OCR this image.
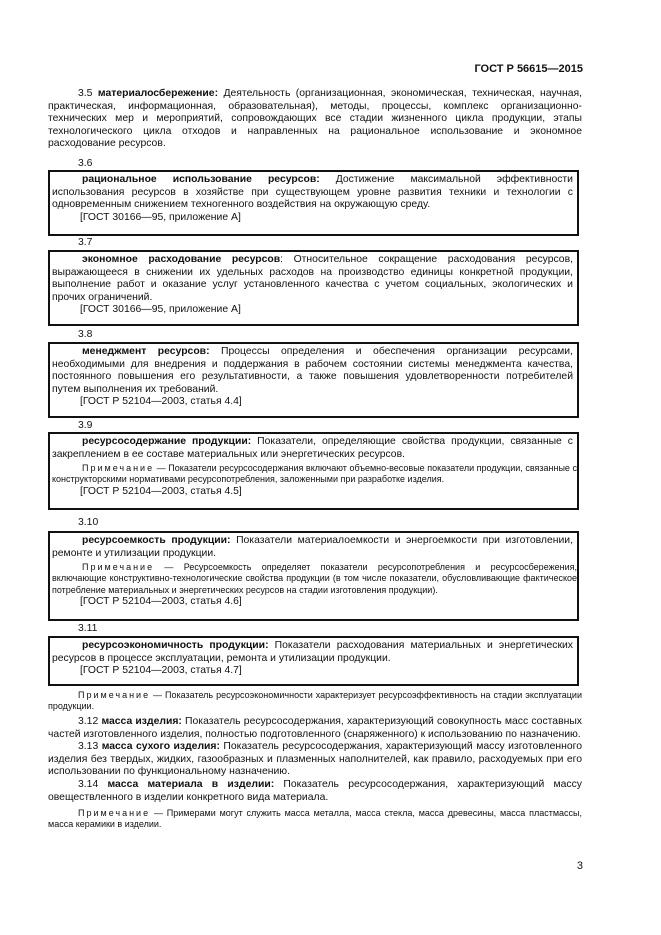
ГОСТ Р 56615—2015

3.5 материалосбережение: Деятельность (организационная, экономическая, техническая, научная, практическая, информационная, образовательная), методы, процессы, комплекс организационно-технических мер и мероприятий, сопровождающих все стадии жизненного цикла продукции, этапы технологического цикла отходов и направленных на рациональное использование и экономное расходование ресурсов.

3.6

рациональное использование ресурсов: Достижение максимальной эффективности использования ресурсов в хозяйстве при существующем уровне развития техники и технологии с одновременным снижением техногенного воздействия на окружающую среду.

[ГОСТ 30166—95, приложение А]
3.7

экономное расходование ресурсов: Относительное сокращение расходования ресурсов, выражающееся в снижении их удельных расходов на производство единицы конкретной продукции, выполнение работ и оказание услуг установленного качества с учетом социальных, экологических и прочих ограничений.

[ГОСТ 30166—95, приложение А]
3.8

менеджмент ресурсов: Процессы определения и обеспечения организации ресурсами, необходимыми для внедрения и поддержания в рабочем состоянии системы менеджмента качества, постоянного повышения его результативности, а также повышения удовлетворенности потребителей путем выполнения их требований.

[ГОСТ Р 52104—2003, статья 4.4]
3.9

ресурсосодержание продукции: Показатели, определяющие свойства продукции, связанные с закреплением в ее составе материальных или энергетических ресурсов.

Примечание — Показатели ресурсосодержания включают объемно-весовые показатели продукции, связанные с конструкторскими нормативами ресурсопотребления, заложенными при разработке изделия.

[ГОСТ Р 52104—2003, статья 4.5]
3.10

ресурсоемкость продукции: Показатели материалоемкости и энергоемкости при изготовлении, ремонте и утилизации продукции.

Примечание — Ресурсоемкость определяет показатели ресурсопотребления и ресурсосбережения, включающие конструктивно-технологические свойства продукции (в том числе показатели, обусловливающие фактическое потребление материальных и энергетических ресурсов на стадии изготовления продукции).

[ГОСТ Р 52104—2003, статья 4.6]
3.11

ресурсоэкономичность продукции: Показатели расходования материальных и энергетических ресурсов в процессе эксплуатации, ремонта и утилизации продукции.

[ГОСТ Р 52104—2003, статья 4.7]

Примечание — Показатель ресурсоэкономичности характеризует ресурсоэффективность на стадии эксплуатации продукции.

3.12 масса изделия: Показатель ресурсосодержания, характеризующий совокупность масс составных частей изготовленного изделия, полностью подготовленного (снаряженного) к использованию по назначению.

3.13 масса сухого изделия: Показатель ресурсосодержания, характеризующий массу изготовленного изделия без твердых, жидких, газообразных и плазменных наполнителей, как правило, расходуемых при его использовании по функциональному назначению.

3.14 масса материала в изделии: Показатель ресурсосодержания, характеризующий массу овеществленного в изделии конкретного вида материала.

Примечание — Примерами могут служить масса металла, масса стекла, масса древесины, масса пластмассы, масса керамики в изделии.

3
